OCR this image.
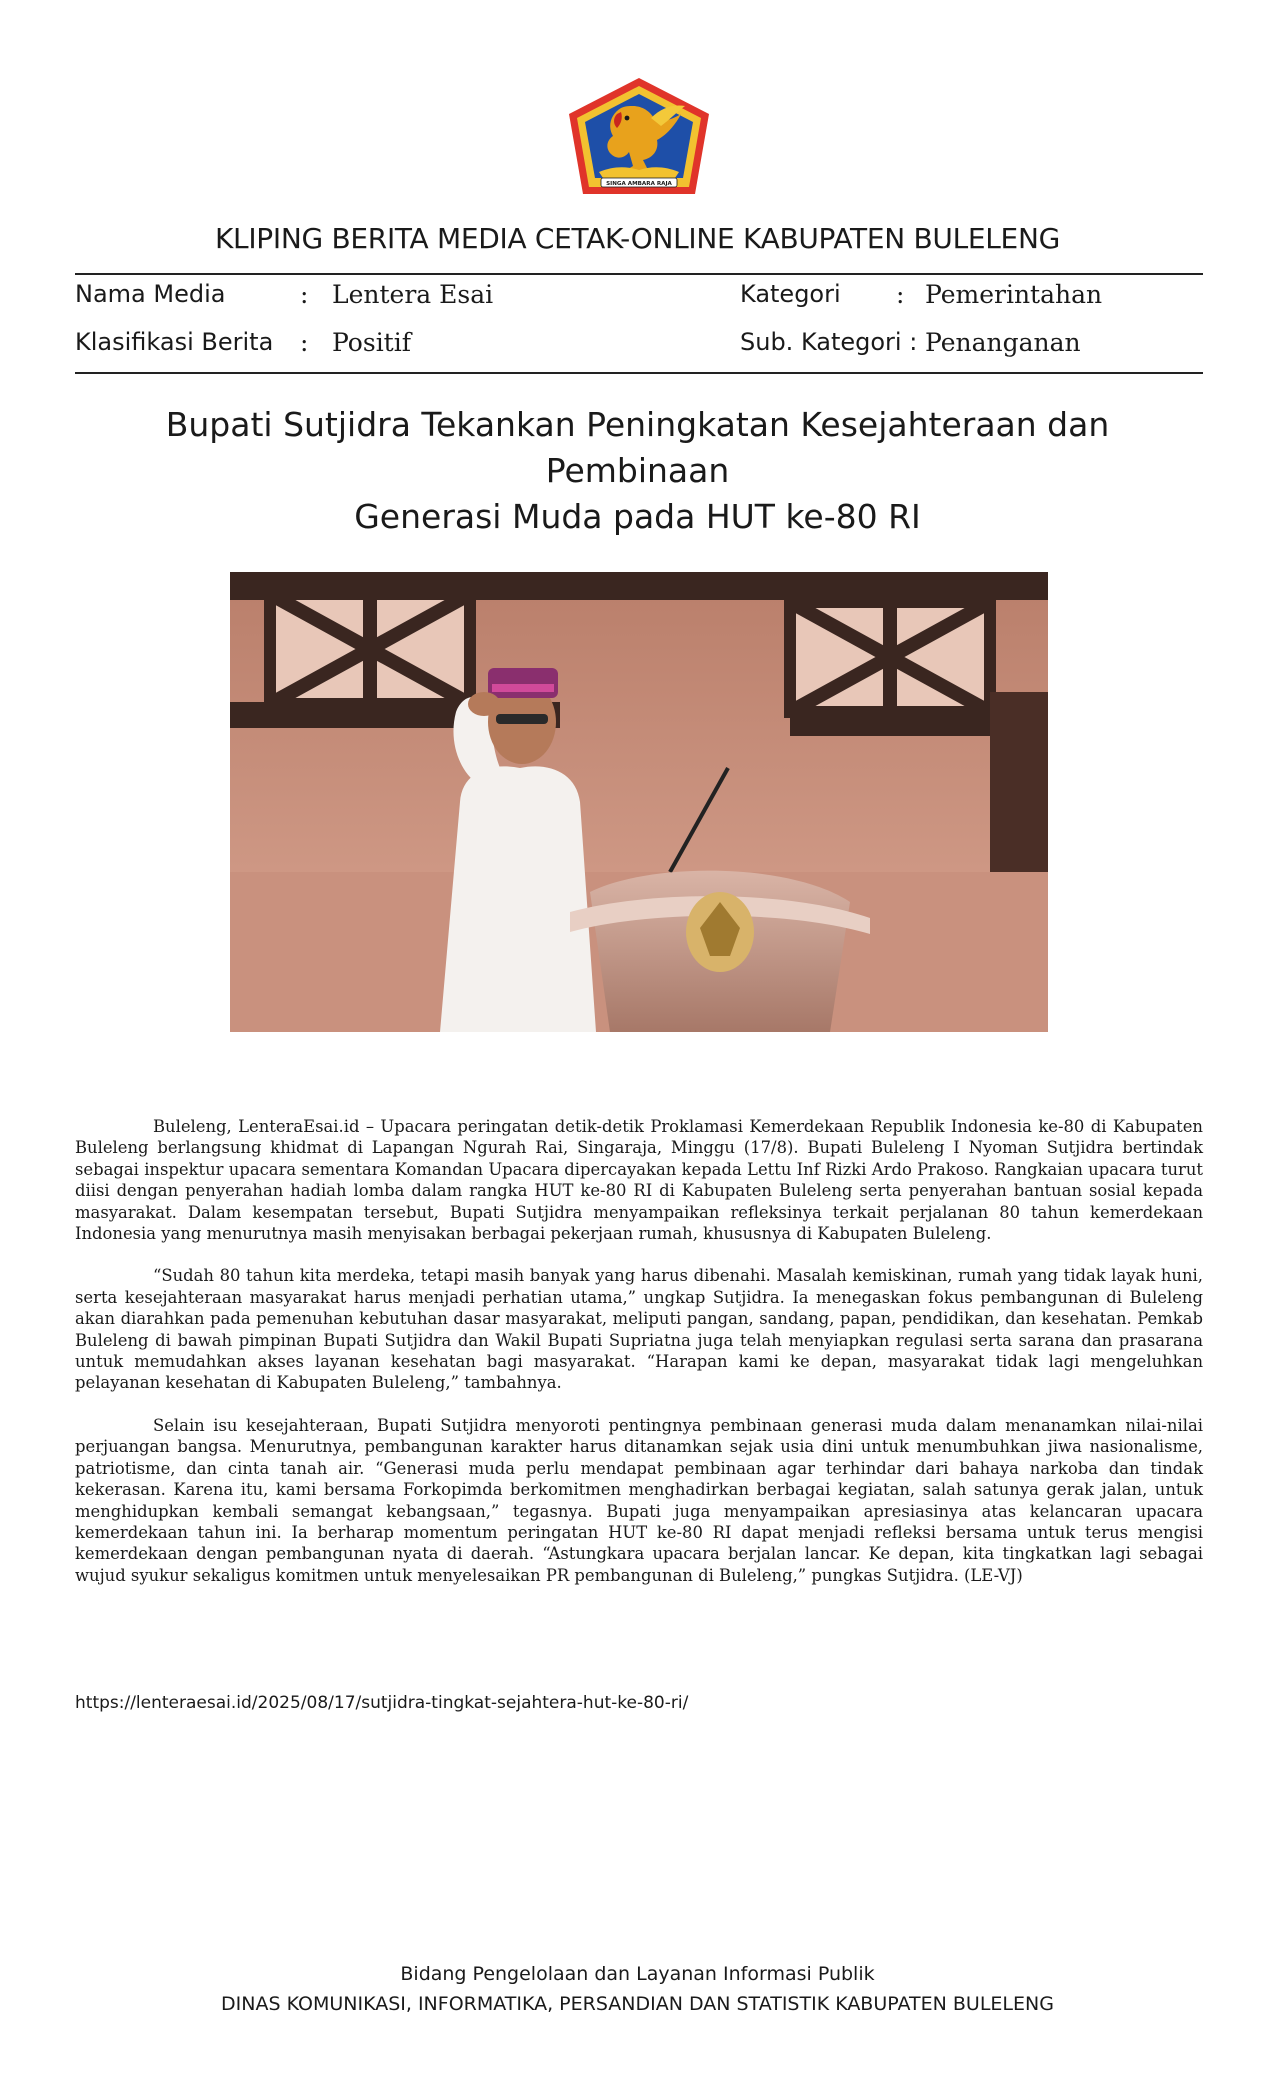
SINGA AMBARA RAJA
KLIPING BERITA MEDIA CETAK-ONLINE KABUPATEN BULELENG
Nama Media	: Lentera Esai	Kategori : Pemerintahan
Klasifikasi Berita : Positif	Sub. Kategori : Penanganan
Bupati Sutjidra Tekankan Peningkatan Kesejahteraan dan Pembinaan
Generasi Muda pada HUT ke-80 RI

Buleleng, LenteraEsai.id – Upacara peringatan detik-detik Proklamasi Kemerdekaan Republik Indonesia ke-80 di Kabupaten Buleleng berlangsung khidmat di Lapangan Ngurah Rai, Singaraja, Minggu (17/8). Bupati Buleleng I Nyoman Sutjidra bertindak sebagai inspektur upacara sementara Komandan Upacara dipercayakan kepada Lettu Inf Rizki Ardo Prakoso. Rangkaian upacara turut diisi dengan penyerahan hadiah lomba dalam rangka HUT ke-80 RI di Kabupaten Buleleng serta penyerahan bantuan sosial kepada masyarakat. Dalam kesempatan tersebut, Bupati Sutjidra menyampaikan refleksinya terkait perjalanan 80 tahun kemerdekaan Indonesia yang menurutnya masih menyisakan berbagai pekerjaan rumah, khususnya di Kabupaten Buleleng.

“Sudah 80 tahun kita merdeka, tetapi masih banyak yang harus dibenahi. Masalah kemiskinan, rumah yang tidak layak huni, serta kesejahteraan masyarakat harus menjadi perhatian utama,” ungkap Sutjidra. Ia menegaskan fokus pembangunan di Buleleng akan diarahkan pada pemenuhan kebutuhan dasar masyarakat, meliputi pangan, sandang, papan, pendidikan, dan kesehatan. Pemkab Buleleng di bawah pimpinan Bupati Sutjidra dan Wakil Bupati Supriatna juga telah menyiapkan regulasi serta sarana dan prasarana untuk memudahkan akses layanan kesehatan bagi masyarakat. “Harapan kami ke depan, masyarakat tidak lagi mengeluhkan pelayanan kesehatan di Kabupaten Buleleng,” tambahnya.

Selain isu kesejahteraan, Bupati Sutjidra menyoroti pentingnya pembinaan generasi muda dalam menanamkan nilai-nilai perjuangan bangsa. Menurutnya, pembangunan karakter harus ditanamkan sejak usia dini untuk menumbuhkan jiwa nasionalisme, patriotisme, dan cinta tanah air. “Generasi muda perlu mendapat pembinaan agar terhindar dari bahaya narkoba dan tindak kekerasan. Karena itu, kami bersama Forkopimda berkomitmen menghadirkan berbagai kegiatan, salah satunya gerak jalan, untuk menghidupkan kembali semangat kebangsaan,” tegasnya. Bupati juga menyampaikan apresiasinya atas kelancaran upacara kemerdekaan tahun ini. Ia berharap momentum peringatan HUT ke-80 RI dapat menjadi refleksi bersama untuk terus mengisi kemerdekaan dengan pembangunan nyata di daerah. “Astungkara upacara berjalan lancar. Ke depan, kita tingkatkan lagi sebagai wujud syukur sekaligus komitmen untuk menyelesaikan PR pembangunan di Buleleng,” pungkas Sutjidra. (LE-VJ)

https://lenteraesai.id/2025/08/17/sutjidra-tingkat-sejahtera-hut-ke-80-ri/
Bidang Pengelolaan dan Layanan Informasi Publik
DINAS KOMUNIKASI, INFORMATIKA, PERSANDIAN DAN STATISTIK KABUPATEN BULELENG
